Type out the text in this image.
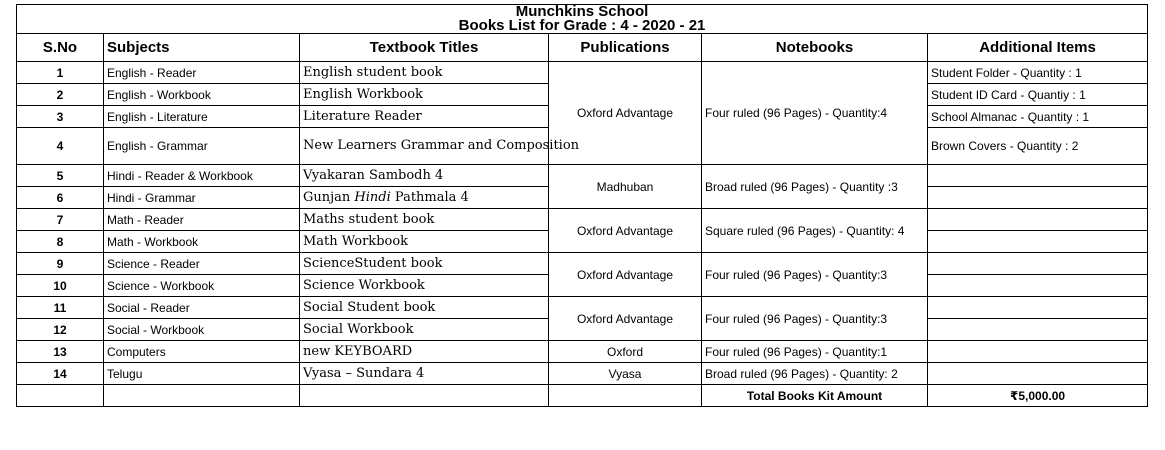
Munchkins School
Books List for Grade : 4 - 2020 - 21					

S.No	Subjects	Textbook Titles	Publications	Notebooks	Additional Items
1	English - Reader	English student book	Oxford Advantage	Four ruled (96 Pages) - Quantity:4	Student Folder - Quantity : 1
2	English - Workbook	English Workbook			Student ID Card - Quantiy : 1
3	English - Literature	Literature Reader			School Almanac - Quantity : 1
4	English - Grammar	New Learners Grammar and Composition			Brown Covers - Quantity : 2
5	Hindi - Reader & Workbook	Vyakaran Sambodh 4	Madhuban	Broad ruled (96 Pages) - Quantity :3	
6	Hindi - Grammar	Gunjan Hindi Pathmala 4			
7	Math - Reader	Maths student book	Oxford Advantage	Square ruled (96 Pages) - Quantity: 4	
8	Math - Workbook	Math Workbook			
9	Science - Reader	ScienceStudent book	Oxford Advantage	Four ruled (96 Pages) - Quantity:3	
10	Science - Workbook	Science Workbook			
11	Social - Reader	Social Student book	Oxford Advantage	Four ruled (96 Pages) - Quantity:3	
12	Social - Workbook	Social Workbook			
13	Computers	new KEYBOARD	Oxford	Four ruled (96 Pages) - Quantity:1	
14	Telugu	Vyasa – Sundara 4	Vyasa	Broad ruled (96 Pages) - Quantity: 2	
				Total Books Kit Amount	₹5,000.00
